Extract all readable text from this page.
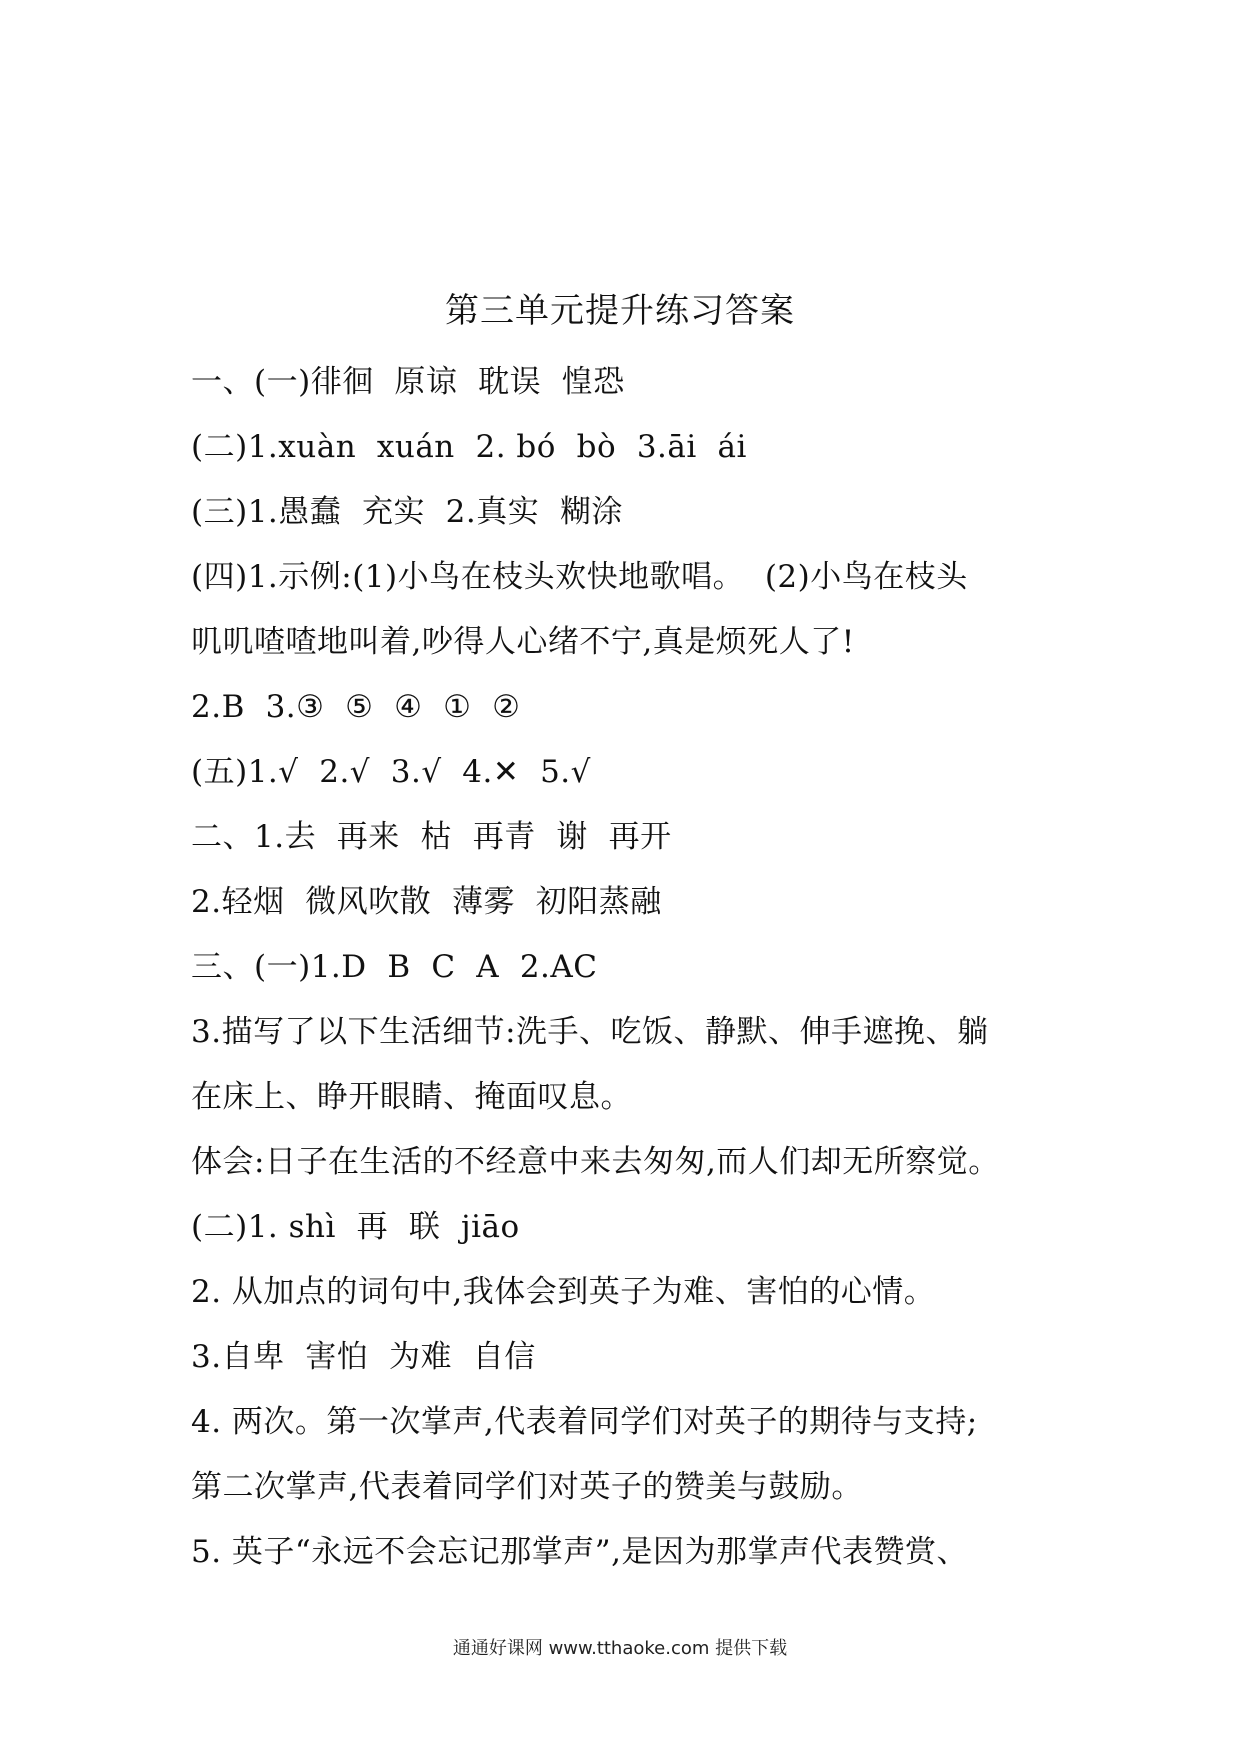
第三单元提升练习答案
一、(一)徘徊  原谅  耽误  惶恐
(二)1.xuàn  xuán  2. bó  bò  3.āi  ái
(三)1.愚蠢  充实  2.真实  糊涂
(四)1.示例:(1)小鸟在枝头欢快地歌唱。  (2)小鸟在枝头
叽叽喳喳地叫着,吵得人心绪不宁,真是烦死人了!
2.B  3.③  ⑤  ④  ①  ②
(五)1.√  2.√  3.√  4.✕  5.√
二、1.去  再来  枯  再青  谢  再开
2.轻烟  微风吹散  薄雾  初阳蒸融
三、(一)1.D  B  C  A  2.AC
3.描写了以下生活细节:洗手、吃饭、静默、伸手遮挽、躺
在床上、睁开眼睛、掩面叹息。
体会:日子在生活的不经意中来去匆匆,而人们却无所察觉。
(二)1. shì  再  联  jiāo
2. 从加点的词句中,我体会到英子为难、害怕的心情。
3.自卑  害怕  为难  自信
4. 两次。第一次掌声,代表着同学们对英子的期待与支持;
第二次掌声,代表着同学们对英子的赞美与鼓励。
5. 英子“永远不会忘记那掌声”,是因为那掌声代表赞赏、
通通好课网 www.tthaoke.com 提供下载
